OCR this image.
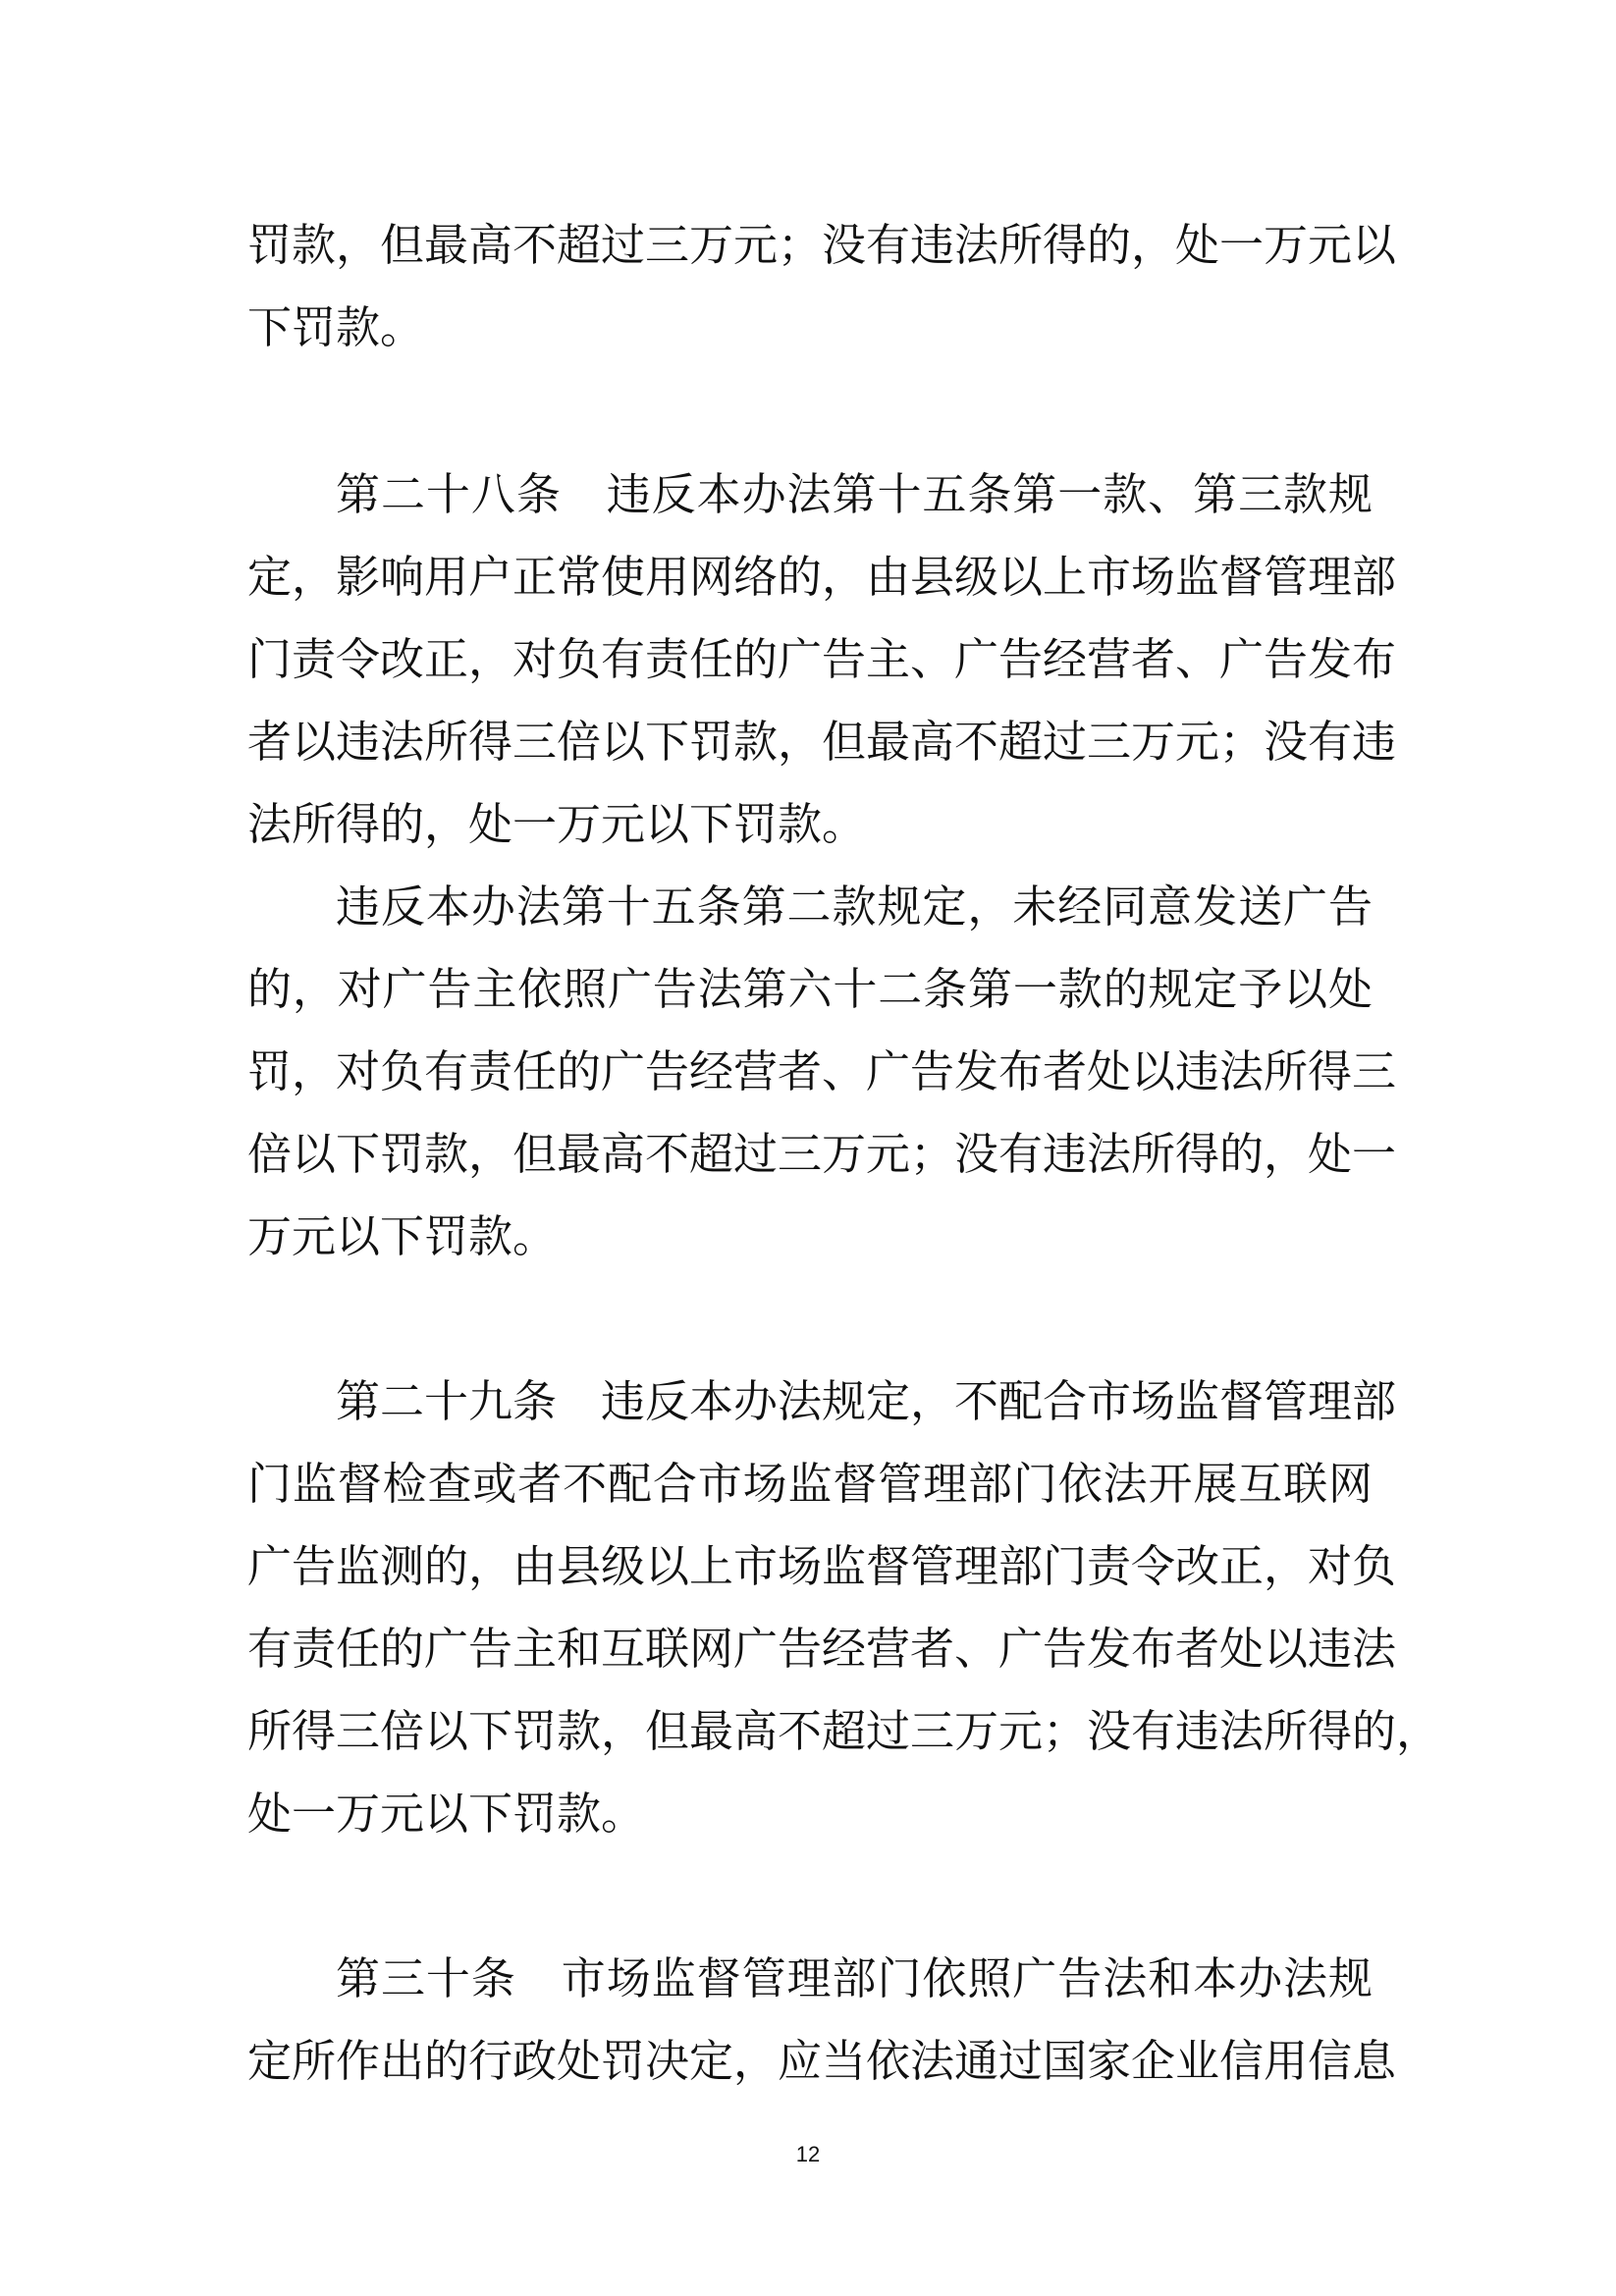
罚款，但最高不超过三万元；没有违法所得的，处一万元以

下罚款。

第二十八条　违反本办法第十五条第一款、第三款规

定，影响用户正常使用网络的，由县级以上市场监督管理部

门责令改正，对负有责任的广告主、广告经营者、广告发布

者以违法所得三倍以下罚款，但最高不超过三万元；没有违

法所得的，处一万元以下罚款。

违反本办法第十五条第二款规定，未经同意发送广告

的，对广告主依照广告法第六十二条第一款的规定予以处

罚，对负有责任的广告经营者、广告发布者处以违法所得三

倍以下罚款，但最高不超过三万元；没有违法所得的，处一

万元以下罚款。

第二十九条　违反本办法规定，不配合市场监督管理部

门监督检查或者不配合市场监督管理部门依法开展互联网

广告监测的，由县级以上市场监督管理部门责令改正，对负

有责任的广告主和互联网广告经营者、广告发布者处以违法

所得三倍以下罚款，但最高不超过三万元；没有违法所得的，

处一万元以下罚款。

第三十条　市场监督管理部门依照广告法和本办法规

定所作出的行政处罚决定，应当依法通过国家企业信用信息

12
